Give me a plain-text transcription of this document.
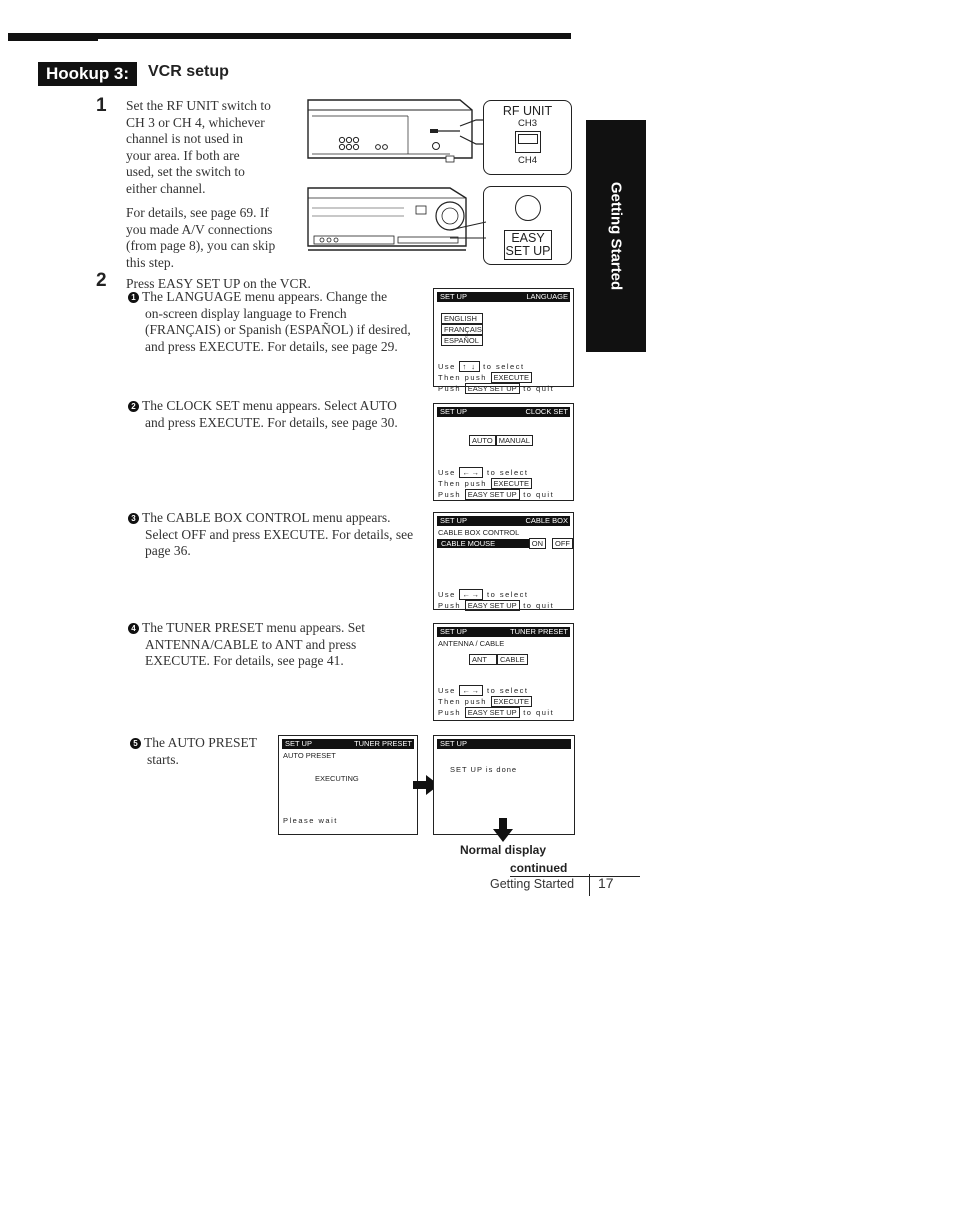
Hookup 3:	VCR setup
Getting Started
1 Set the RF UNIT switch to
CH 3 or CH 4, whichever
channel is not used in
your area. If both are
used, set the switch to
either channel.
For details, see page 69. If
you made A/V connections
(from page 8), you can skip
this step.
RF UNIT
CH3
CH4
EASY
SET UP
2 Press EASY SET UP on the VCR.
1 The LANGUAGE menu appears. Change the
on-screen display language to French
(FRANÇAIS) or Spanish (ESPAÑOL) if desired,
and press EXECUTE. For details, see page 29.
2 The CLOCK SET menu appears. Select AUTO
and press EXECUTE. For details, see page 30.
3 The CABLE BOX CONTROL menu appears.
Select OFF and press EXECUTE. For details, see
page 36.
4 The TUNER PRESET menu appears. Set
ANTENNA/CABLE to ANT and press
EXECUTE. For details, see page 41.
5 The AUTO PRESET
starts.
SET UP	LANGUAGE
ENGLISH
FRANÇAIS
ESPAÑOL
Use ↑ ↓ to select
Then push EXECUTE
Push EASY SET UP to quit
SET UP	CLOCK SET
AUTO MANUAL
Use ←→ to select
Then push EXECUTE
Push EASY SET UP to quit
SET UP	CABLE BOX
CABLE BOX CONTROL
CABLE MOUSE	ON	OFF
Use ←→ to select
Push EASY SET UP to quit
SET UP	TUNER PRESET
ANTENNA / CABLE
ANT CABLE
Use ←→ to select
Then push EXECUTE
Push EASY SET UP to quit
SET UP	TUNER PRESET
AUTO PRESET
EXECUTING
Please wait
SET UP
SET UP is done
Normal display
continued
Getting Started 17
